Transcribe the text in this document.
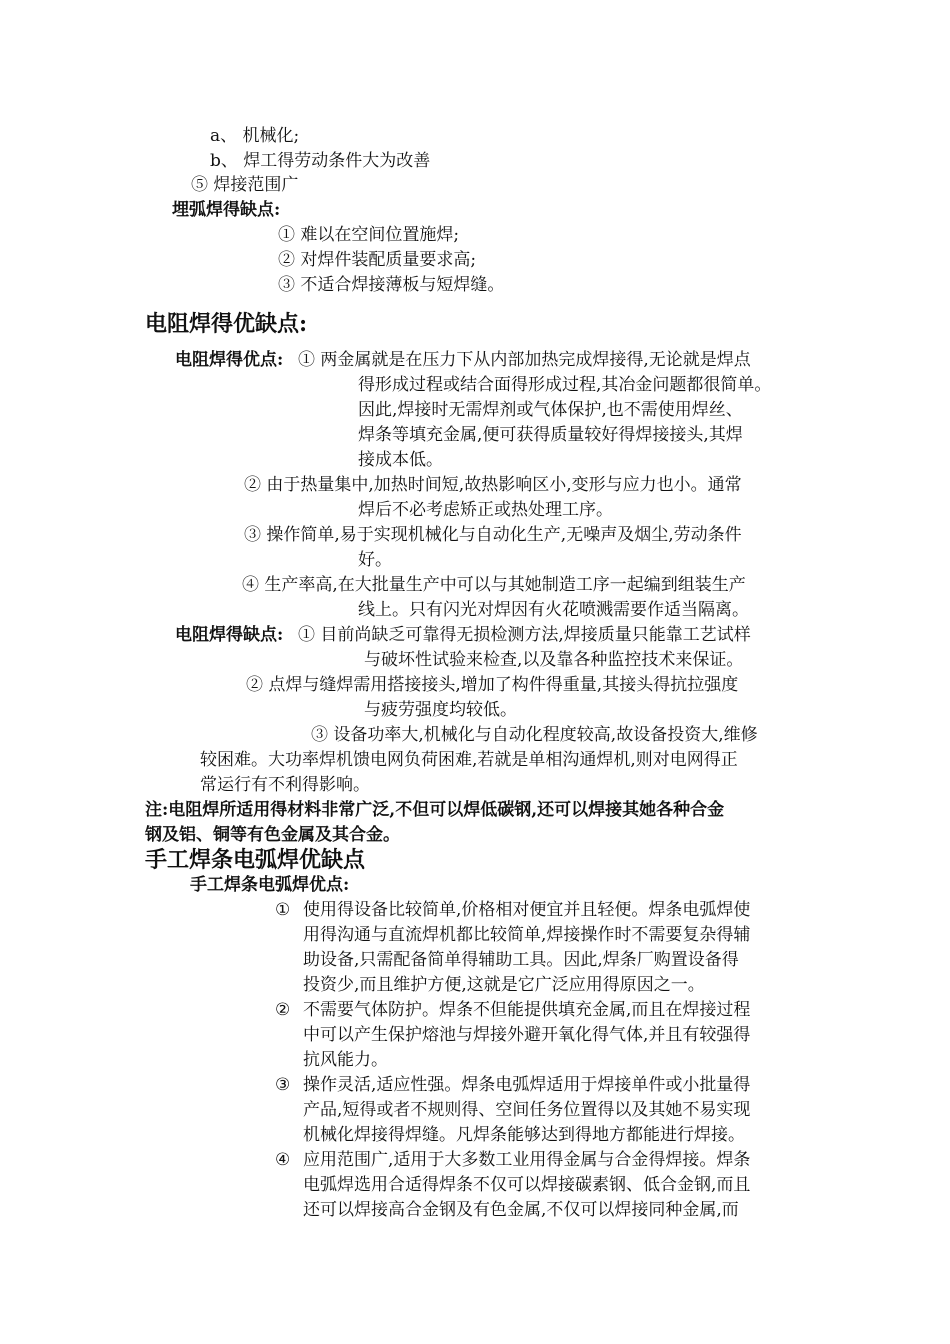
a、 机械化;
b、 焊工得劳动条件大为改善
⑤ 焊接范围广
埋弧焊得缺点:
① 难以在空间位置施焊;
② 对焊件装配质量要求高;
③ 不适合焊接薄板与短焊缝。
电阻焊得优缺点:
电阻焊得优点: ① 两金属就是在压力下从内部加热完成焊接得,无论就是焊点
得形成过程或结合面得形成过程,其冶金问题都很简单。
因此,焊接时无需焊剂或气体保护,也不需使用焊丝、
焊条等填充金属,便可获得质量较好得焊接接头,其焊
接成本低。
② 由于热量集中,加热时间短,故热影响区小,变形与应力也小。通常
焊后不必考虑矫正或热处理工序。
③ 操作简单,易于实现机械化与自动化生产,无噪声及烟尘,劳动条件
好。
④ 生产率高,在大批量生产中可以与其她制造工序一起编到组装生产
线上。只有闪光对焊因有火花喷溅需要作适当隔离。
电阻焊得缺点: ① 目前尚缺乏可靠得无损检测方法,焊接质量只能靠工艺试样
与破坏性试验来检查,以及靠各种监控技术来保证。
② 点焊与缝焊需用搭接接头,增加了构件得重量,其接头得抗拉强度
与疲劳强度均较低。
③ 设备功率大,机械化与自动化程度较高,故设备投资大,维修
较困难。大功率焊机馈电网负荷困难,若就是单相沟通焊机,则对电网得正
常运行有不利得影响。
注:电阻焊所适用得材料非常广泛,不但可以焊低碳钢,还可以焊接其她各种合金
钢及铝、铜等有色金属及其合金。
手工焊条电弧焊优缺点
手工焊条电弧焊优点:
① 使用得设备比较简单,价格相对便宜并且轻便。焊条电弧焊使
用得沟通与直流焊机都比较简单,焊接操作时不需要复杂得辅
助设备,只需配备简单得辅助工具。因此,焊条厂购置设备得
投资少,而且维护方便,这就是它广泛应用得原因之一。
② 不需要气体防护。焊条不但能提供填充金属,而且在焊接过程
中可以产生保护熔池与焊接外避开氧化得气体,并且有较强得
抗风能力。
③ 操作灵活,适应性强。焊条电弧焊适用于焊接单件或小批量得
产品,短得或者不规则得、空间任务位置得以及其她不易实现
机械化焊接得焊缝。凡焊条能够达到得地方都能进行焊接。
④ 应用范围广,适用于大多数工业用得金属与合金得焊接。焊条
电弧焊选用合适得焊条不仅可以焊接碳素钢、低合金钢,而且
还可以焊接高合金钢及有色金属,不仅可以焊接同种金属,而
